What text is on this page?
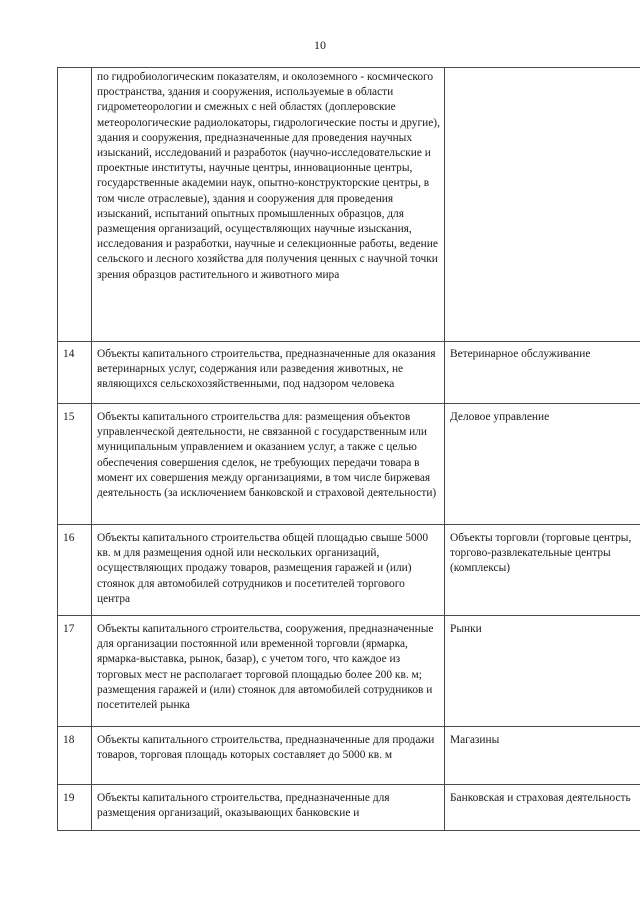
10

	по гидробиологическим показателям, и околоземного - космического пространства, здания и сооружения, используемые в области гидрометеорологии и смежных с ней областях (доплеровские метеорологические радиолокаторы, гидрологические посты и другие), здания и сооружения, предназначенные для проведения научных изысканий, исследований и разработок (научно-исследовательские и проектные институты, научные центры, инновационные центры, государственные академии наук, опытно-конструкторские центры, в том числе отраслевые), здания и сооружения для проведения изысканий, испытаний опытных промышленных образцов, для размещения организаций, осуществляющих научные изыскания, исследования и разработки, научные и селекционные работы, ведение сельского и лесного хозяйства для получения ценных с научной точки зрения образцов растительного и животного мира	

14	Объекты капитального строительства, предназначенные для оказания ветеринарных услуг, содержания или разведения животных, не являющихся сельскохозяйственными, под надзором человека	Ветеринарное обслуживание

15	Объекты капитального строительства для: размещения объектов управленческой деятельности, не связанной с государственным или муниципальным управлением и оказанием услуг, а также с целью обеспечения совершения сделок, не требующих передачи товара в момент их совершения между организациями, в том числе биржевая деятельность (за исключением банковской и страховой деятельности)	Деловое управление

16	Объекты капитального строительства общей площадью свыше 5000 кв. м для размещения одной или нескольких организаций, осуществляющих продажу товаров, размещения гаражей и (или) стоянок для автомобилей сотрудников и посетителей торгового центра	Объекты торговли (торговые центры, торгово-развлекательные центры (комплексы)

17	Объекты капитального строительства, сооружения, предназначенные для организации постоянной или временной торговли (ярмарка, ярмарка-выставка, рынок, базар), с учетом того, что каждое из торговых мест не располагает торговой площадью более 200 кв. м; размещения гаражей и (или) стоянок для автомобилей сотрудников и посетителей рынка	Рынки

18	Объекты капитального строительства, предназначенные для продажи товаров, торговая площадь которых составляет до 5000 кв. м	Магазины

19	Объекты капитального строительства, предназначенные для размещения организаций, оказывающих банковские и	Банковская и страховая деятельность
